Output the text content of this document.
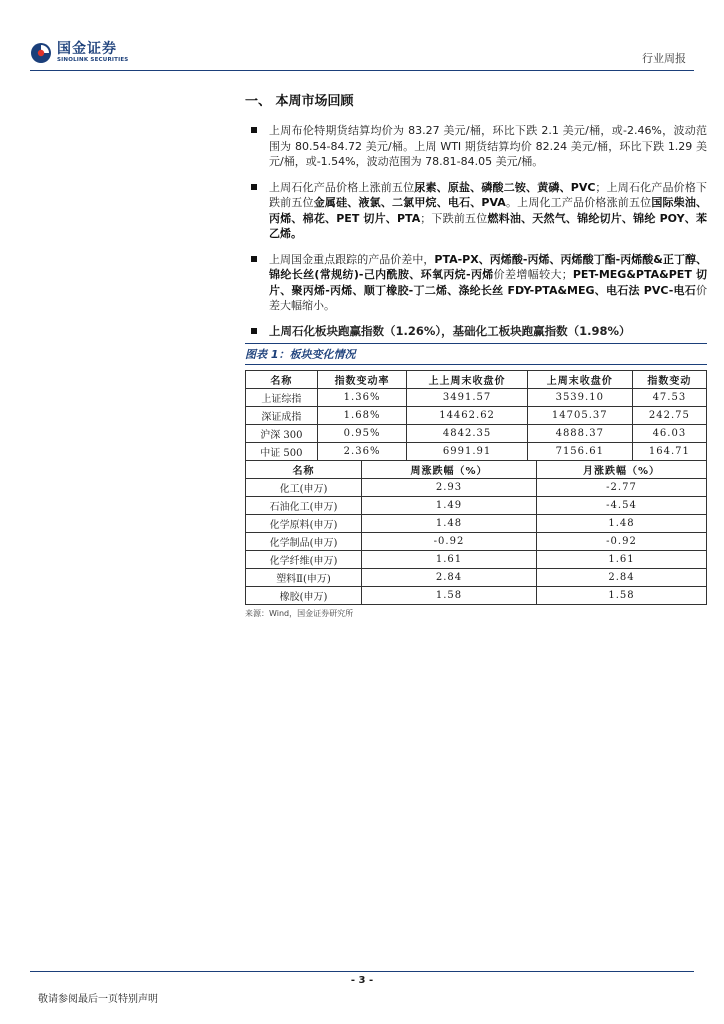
国金证券
SINOLINK SECURITIES	行业周报
一、 本周市场回顾
上周布伦特期货结算均价为 83.27 美元/桶，环比下跌 2.1 美元/桶，或-2.46%，波动范围为 80.54-84.72 美元/桶。上周 WTI 期货结算均价 82.24 美元/桶，环比下跌 1.29 美元/桶，或-1.54%，波动范围为 78.81-84.05 美元/桶。
上周石化产品价格上涨前五位尿素、原盐、磷酸二铵、黄磷、PVC；上周石化产品价格下跌前五位金属硅、液氯、二氯甲烷、电石、PVA。上周化工产品价格涨前五位国际柴油、丙烯、棉花、PET 切片、PTA；下跌前五位燃料油、天然气、锦纶切片、锦纶 POY、苯乙烯。
上周国金重点跟踪的产品价差中，PTA-PX、丙烯酸-丙烯、丙烯酸丁酯-丙烯酸&正丁醇、锦纶长丝(常规纺)-己内酰胺、环氧丙烷-丙烯价差增幅较大；PET-MEG&PTA&PET 切片、聚丙烯-丙烯、顺丁橡胶-丁二烯、涤纶长丝 FDY-PTA&MEG、电石法 PVC-电石价差大幅缩小。
上周石化板块跑赢指数（1.26%），基础化工板块跑赢指数（1.98%）
图表 1：板块变化情况
名称	指数变动率	上上周末收盘价	上周末收盘价	指数变动
上证综指	1.36%	3491.57	3539.10	47.53
深证成指	1.68%	14462.62	14705.37	242.75
沪深 300	0.95%	4842.35	4888.37	46.03
中证 500	2.36%	6991.91	7156.61	164.71
名称	周涨跌幅（%）	月涨跌幅（%）
化工(申万)	2.93	-2.77
石油化工(申万)	1.49	-4.54
化学原料(申万)	1.48	1.48
化学制品(申万)	-0.92	-0.92
化学纤维(申万)	1.61	1.61
塑料Ⅱ(申万)	2.84	2.84
橡胶(申万)	1.58	1.58
来源：Wind，国金证券研究所
- 3 -
敬请参阅最后一页特别声明
